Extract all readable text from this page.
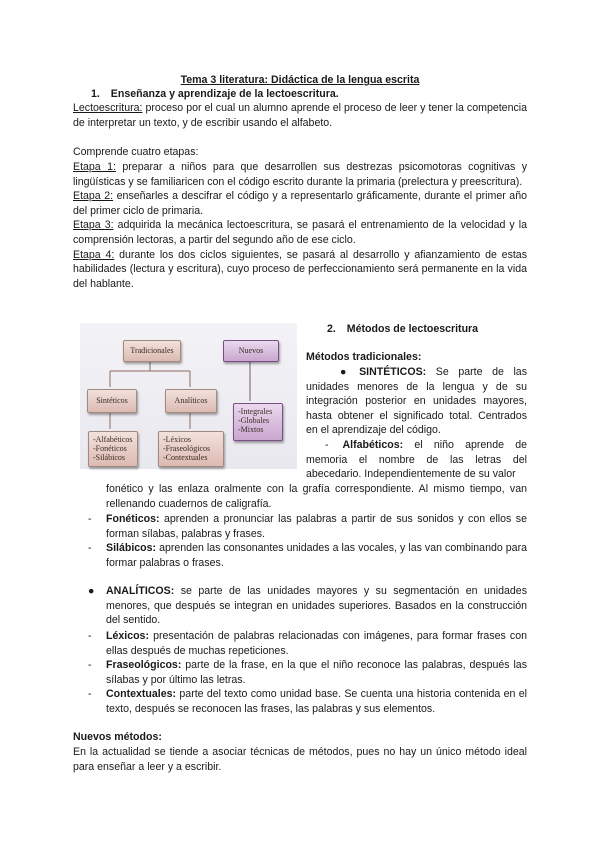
Tema 3 literatura: Didáctica de la lengua escrita
1. Enseñanza y aprendizaje de la lectoescritura.
Lectoescritura: proceso por el cual un alumno aprende el proceso de leer y tener la competencia de interpretar un texto, y de escribir usando el alfabeto.
Comprende cuatro etapas:
Etapa 1: preparar a niños para que desarrollen sus destrezas psicomotoras cognitivas y lingüísticas y se familiaricen con el código escrito durante la primaria (prelectura y preescritura).
Etapa 2: enseñarles a descifrar el código y a representarlo gráficamente, durante el primer año del primer ciclo de primaria.
Etapa 3: adquirida la mecánica lectoescritura, se pasará el entrenamiento de la velocidad y la comprensión lectoras, a partir del segundo año de ese ciclo.
Etapa 4: durante los dos ciclos siguientes, se pasará al desarrollo y afianzamiento de estas habilidades (lectura y escritura), cuyo proceso de perfeccionamiento será permanente en la vida del hablante.
Tradicionales	Nuevos
Sintéticos	Analíticos
-Integrales
-Globales
-Mixtos
-Alfabéticos
-Fonéticos
-Silábicos
-Léxicos
-Fraseológicos
-Contextuales
2. Métodos de lectoescritura
Métodos tradicionales:
● SINTÉTICOS: Se parte de las unidades menores de la lengua y de su integración posterior en unidades mayores, hasta obtener el significado total. Centrados en el aprendizaje del código.
- Alfabéticos: el niño aprende de memoria el nombre de las letras del abecedario. Independientemente de su valor
fonético y las enlaza oralmente con la grafía correspondiente. Al mismo tiempo, van rellenando cuadernos de caligrafía.
- Fonéticos: aprenden a pronunciar las palabras a partir de sus sonidos y con ellos se forman sílabas, palabras y frases.
- Silábicos: aprenden las consonantes unidades a las vocales, y las van combinando para formar palabras o frases.
● ANALÍTICOS: se parte de las unidades mayores y su segmentación en unidades menores, que después se integran en unidades superiores. Basados en la construcción del sentido.
- Léxicos: presentación de palabras relacionadas con imágenes, para formar frases con ellas después de muchas repeticiones.
- Fraseológicos: parte de la frase, en la que el niño reconoce las palabras, después las sílabas y por último las letras.
- Contextuales: parte del texto como unidad base. Se cuenta una historia contenida en el texto, después se reconocen las frases, las palabras y sus elementos.
Nuevos métodos:
En la actualidad se tiende a asociar técnicas de métodos, pues no hay un único método ideal para enseñar a leer y a escribir.
